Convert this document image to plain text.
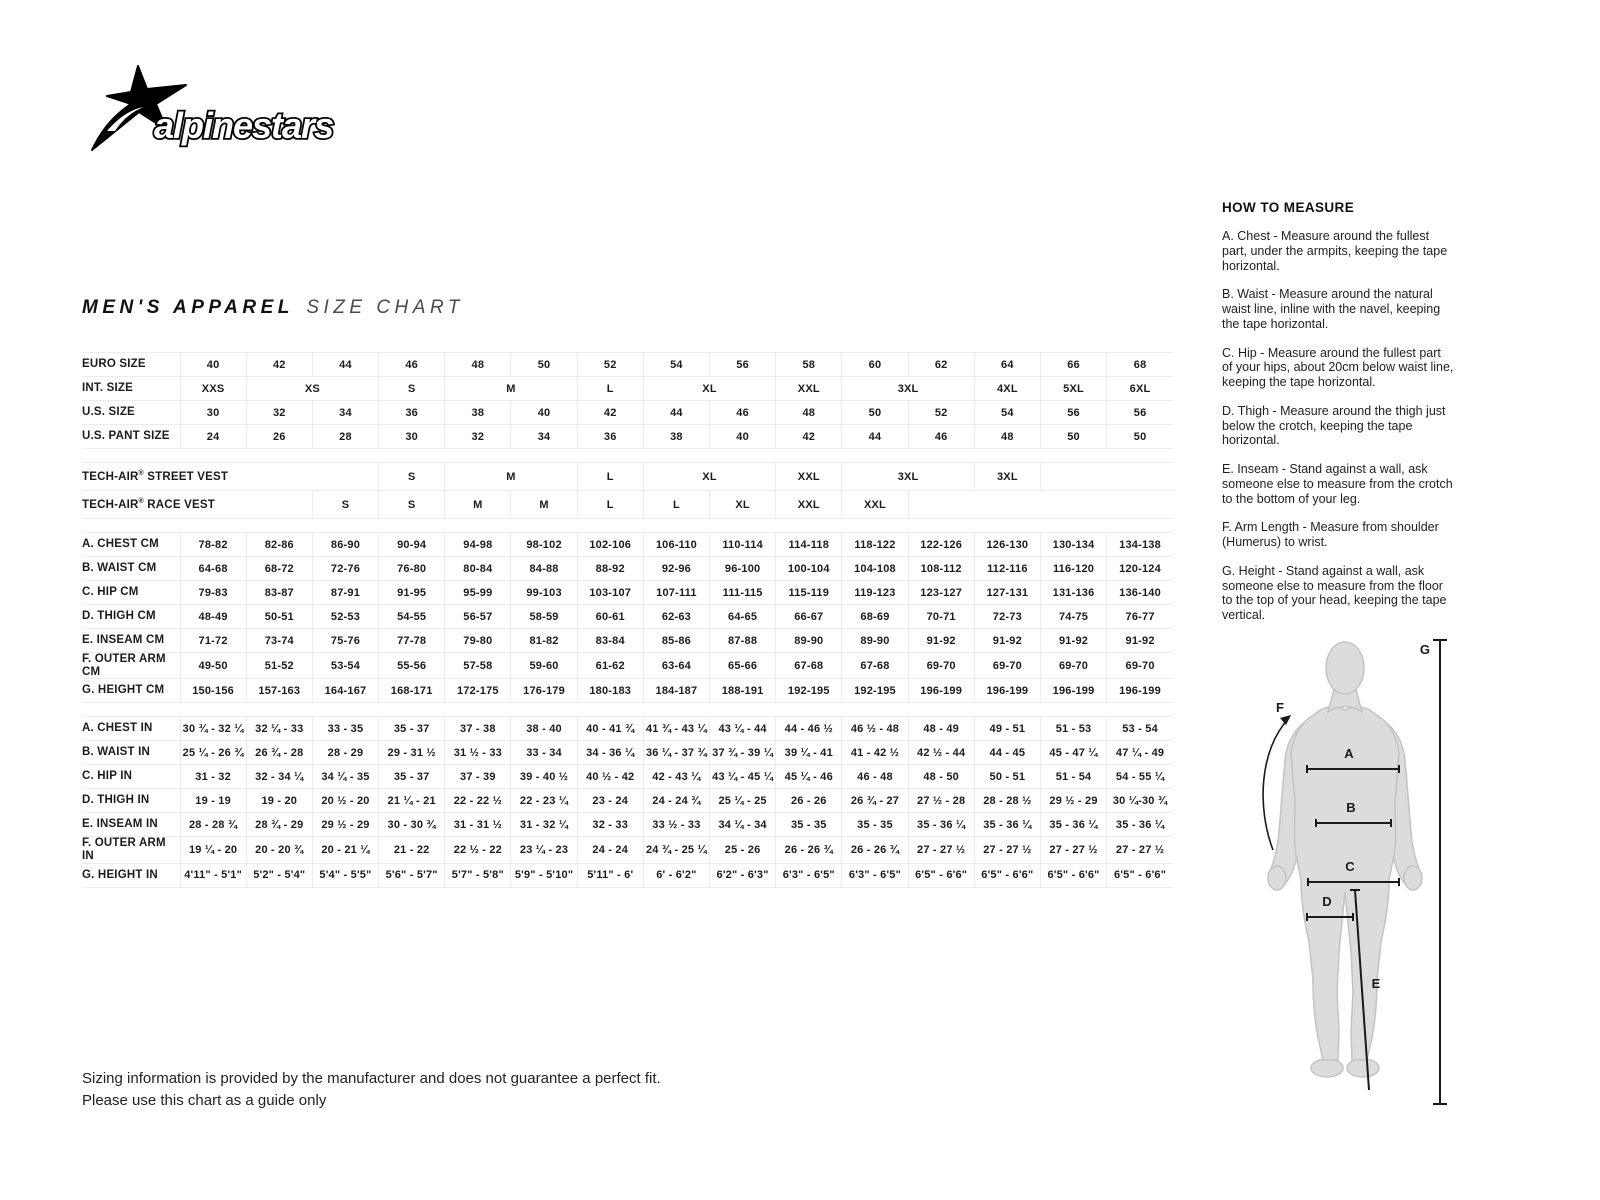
alpinestars
MEN'S APPAREL SIZE CHART
EURO SIZE	40	42	44	46	48	50	52	54	56	58	60	62	64	66	68
INT. SIZE	XXS	XS		S	M		L	XL		XXL	3XL		4XL	5XL	6XL
U.S. SIZE	30	32	34	36	38	40	42	44	46	48	50	52	54	56	56
U.S. PANT SIZE	24	26	28	30	32	34	36	38	40	42	44	46	48	50	50

TECH-AIR® STREET VEST				S	M		L	XL		XXL	3XL		3XL		
TECH-AIR® RACE VEST			S	S	M	M	L	L	XL	XXL	XXL				

A. CHEST CM	78-82	82-86	86-90	90-94	94-98	98-102	102-106	106-110	110-114	114-118	118-122	122-126	126-130	130-134	134-138
B. WAIST CM	64-68	68-72	72-76	76-80	80-84	84-88	88-92	92-96	96-100	100-104	104-108	108-112	112-116	116-120	120-124
C. HIP CM	79-83	83-87	87-91	91-95	95-99	99-103	103-107	107-111	111-115	115-119	119-123	123-127	127-131	131-136	136-140
D. THIGH CM	48-49	50-51	52-53	54-55	56-57	58-59	60-61	62-63	64-65	66-67	68-69	70-71	72-73	74-75	76-77
E. INSEAM CM	71-72	73-74	75-76	77-78	79-80	81-82	83-84	85-86	87-88	89-90	89-90	91-92	91-92	91-92	91-92
F. OUTER ARM CM	49-50	51-52	53-54	55-56	57-58	59-60	61-62	63-64	65-66	67-68	67-68	69-70	69-70	69-70	69-70
G. HEIGHT CM	150-156	157-163	164-167	168-171	172-175	176-179	180-183	184-187	188-191	192-195	192-195	196-199	196-199	196-199	196-199

A. CHEST IN	30 ¾ - 32 ¼	32 ¼ - 33	33 - 35	35 - 37	37 - 38	38 - 40	40 - 41 ¾	41 ¾ - 43 ¼	43 ¼ - 44	44 - 46 ½	46 ½ - 48	48 - 49	49 - 51	51 - 53	53 - 54
B. WAIST IN	25 ¼ - 26 ¾	26 ¾ - 28	28 - 29	29 - 31 ½	31 ½ - 33	33 - 34	34 - 36 ¼	36 ¼ - 37 ¾	37 ¾ - 39 ¼	39 ¼ - 41	41 - 42 ½	42 ½ - 44	44 - 45	45 - 47 ¼	47 ¼ - 49
C. HIP IN	31 - 32	32 - 34 ¼	34 ¼ - 35	35 - 37	37 - 39	39 - 40 ½	40 ½ - 42	42 - 43 ¼	43 ¼ - 45 ¼	45 ¼ - 46	46 - 48	48 - 50	50 - 51	51 - 54	54 - 55 ¼
D. THIGH IN	19 - 19	19 - 20	20 ½ - 20	21 ¼ - 21	22 - 22 ½	22 - 23 ¼	23 - 24	24 - 24 ¾	25 ¼ - 25	26 - 26	26 ¾ - 27	27 ½ - 28	28 - 28 ½	29 ½ - 29	30 ¼-30 ¾
E. INSEAM IN	28 - 28 ¾	28 ¾ - 29	29 ½ - 29	30 - 30 ¾	31 - 31 ½	31 - 32 ¼	32 - 33	33 ½ - 33	34 ¼ - 34	35 - 35	35 - 35	35 - 36 ¼	35 - 36 ¼	35 - 36 ¼	35 - 36 ¼
F. OUTER ARM IN	19 ¼ - 20	20 - 20 ¾	20 - 21 ¼	21 - 22	22 ½ - 22	23 ¼ - 23	24 - 24	24 ¾ - 25 ¼	25 - 26	26 - 26 ¾	26 - 26 ¾	27 - 27 ½	27 - 27 ½	27 - 27 ½	27 - 27 ½
G. HEIGHT IN	4'11" - 5'1"	5'2" - 5'4"	5'4" - 5'5"	5'6" - 5'7"	5'7" - 5'8"	5'9" - 5'10"	5'11" - 6'	6' - 6'2"	6'2" - 6'3"	6'3" - 6'5"	6'3" - 6'5"	6'5" - 6'6"	6'5" - 6'6"	6'5" - 6'6"	6'5" - 6'6"
HOW TO MEASURE

A. Chest - Measure around the fullest part, under the armpits, keeping the tape horizontal.

B. Waist - Measure around the natural waist line, inline with the navel, keeping the tape horizontal.

C. Hip - Measure around the fullest part of your hips, about 20cm below waist line, keeping the tape horizontal.

D. Thigh - Measure around the thigh just below the crotch, keeping the tape horizontal.

E. Inseam - Stand against a wall, ask someone else to measure from the crotch to the bottom of your leg.

F. Arm Length - Measure from shoulder (Humerus) to wrist.

G. Height - Stand against a wall, ask someone else to measure from the floor to the top of your head, keeping the tape vertical.

A
B
C
D
E
F
G
Sizing information is provided by the manufacturer and does not guarantee a perfect fit.
Please use this chart as a guide only
